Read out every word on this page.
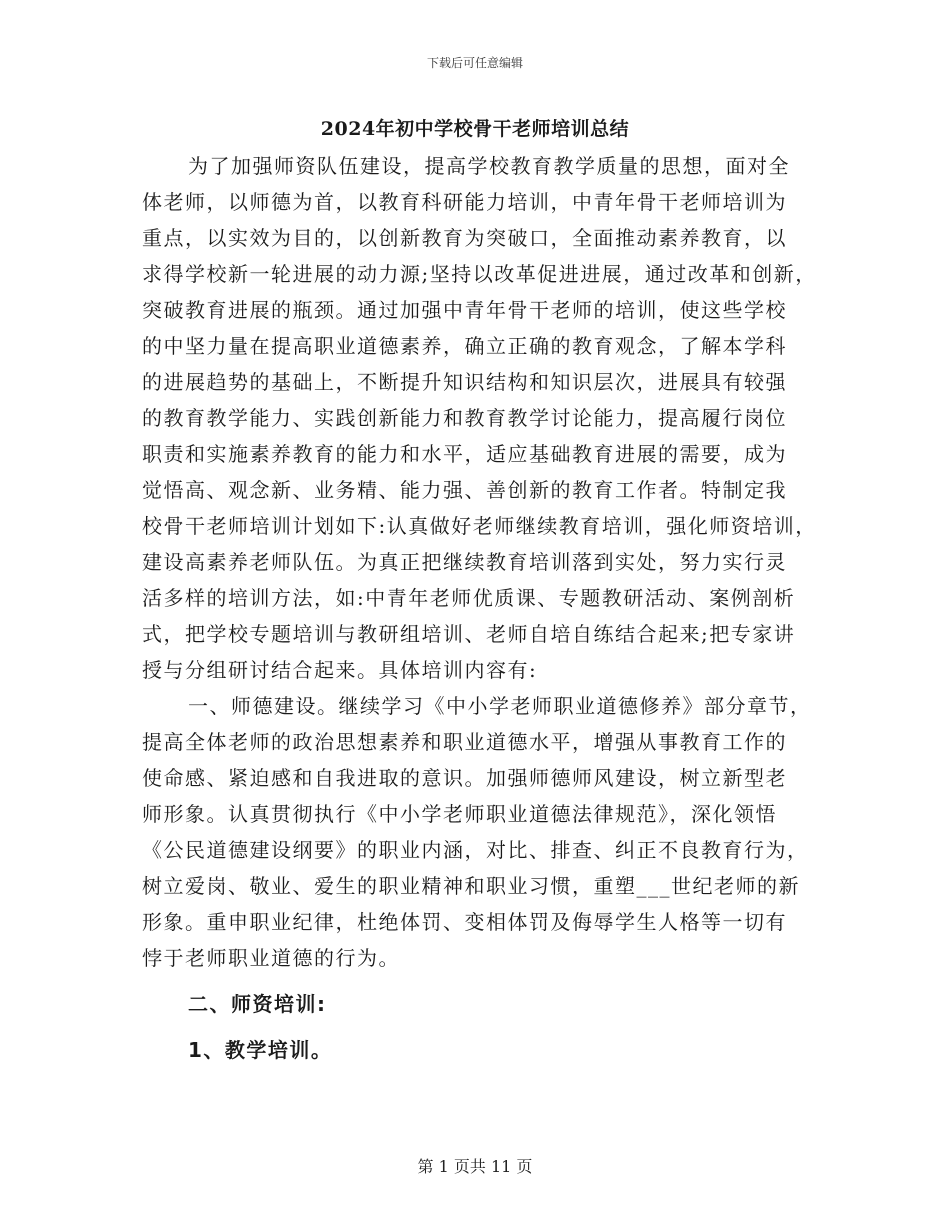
下载后可任意编辑
2024年初中学校骨干老师培训总结
为了加强师资队伍建设，提高学校教育教学质量的思想，面对全
体老师，以师德为首，以教育科研能力培训，中青年骨干老师培训为
重点，以实效为目的，以创新教育为突破口，全面推动素养教育，以
求得学校新一轮进展的动力源;坚持以改革促进进展，通过改革和创新，
突破教育进展的瓶颈。通过加强中青年骨干老师的培训，使这些学校
的中坚力量在提高职业道德素养，确立正确的教育观念，了解本学科
的进展趋势的基础上，不断提升知识结构和知识层次，进展具有较强
的教育教学能力、实践创新能力和教育教学讨论能力，提高履行岗位
职责和实施素养教育的能力和水平，适应基础教育进展的需要，成为
觉悟高、观念新、业务精、能力强、善创新的教育工作者。特制定我
校骨干老师培训计划如下:认真做好老师继续教育培训，强化师资培训，
建设高素养老师队伍。为真正把继续教育培训落到实处，努力实行灵
活多样的培训方法，如:中青年老师优质课、专题教研活动、案例剖析
式，把学校专题培训与教研组培训、老师自培自练结合起来;把专家讲
授与分组研讨结合起来。具体培训内容有:
一、师德建设。继续学习《中小学老师职业道德修养》部分章节，
提高全体老师的政治思想素养和职业道德水平，增强从事教育工作的
使命感、紧迫感和自我进取的意识。加强师德师风建设，树立新型老
师形象。认真贯彻执行《中小学老师职业道德法律规范》，深化领悟
《公民道德建设纲要》的职业内涵，对比、排查、纠正不良教育行为，
树立爱岗、敬业、爱生的职业精神和职业习惯，重塑___世纪老师的新
形象。重申职业纪律，杜绝体罚、变相体罚及侮辱学生人格等一切有
悖于老师职业道德的行为。
二、师资培训:
1、教学培训。
第 1 页共 11 页
